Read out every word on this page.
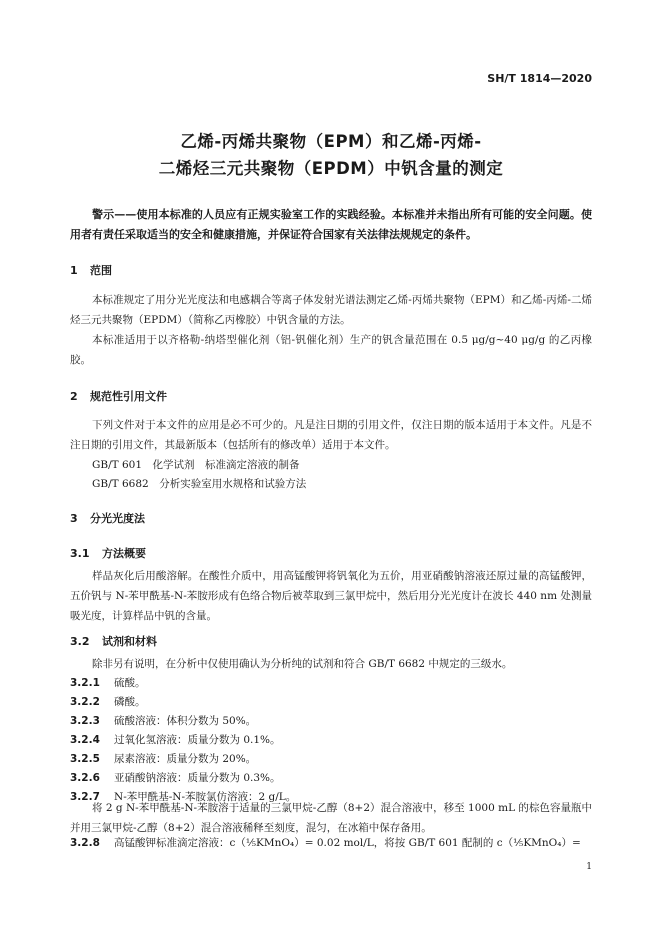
SH/T 1814—2020
乙烯-丙烯共聚物（EPM）和乙烯-丙烯-
二烯烃三元共聚物（EPDM）中钒含量的测定
警示——使用本标准的人员应有正规实验室工作的实践经验。本标准并未指出所有可能的安全问题。使用者有责任采取适当的安全和健康措施，并保证符合国家有关法律法规规定的条件。
1 范围
本标准规定了用分光光度法和电感耦合等离子体发射光谱法测定乙烯-丙烯共聚物（EPM）和乙烯-丙烯-二烯烃三元共聚物（EPDM）（简称乙丙橡胶）中钒含量的方法。
本标准适用于以齐格勒-纳塔型催化剂（铝-钒催化剂）生产的钒含量范围在 0.5 μg/g~40 μg/g 的乙丙橡胶。
2 规范性引用文件
下列文件对于本文件的应用是必不可少的。凡是注日期的引用文件，仅注日期的版本适用于本文件。凡是不注日期的引用文件，其最新版本（包括所有的修改单）适用于本文件。
GB/T 601　化学试剂　标准滴定溶液的制备
GB/T 6682　分析实验室用水规格和试验方法
3 分光光度法
3.1 方法概要
样品灰化后用酸溶解。在酸性介质中，用高锰酸钾将钒氧化为五价，用亚硝酸钠溶液还原过量的高锰酸钾，五价钒与 N-苯甲酰基-N-苯胺形成有色络合物后被萃取到三氯甲烷中，然后用分光光度计在波长 440 nm 处测量吸光度，计算样品中钒的含量。
3.2 试剂和材料
除非另有说明，在分析中仅使用确认为分析纯的试剂和符合 GB/T 6682 中规定的三级水。
3.2.1 硫酸。
3.2.2 磷酸。
3.2.3 硫酸溶液：体积分数为 50%。
3.2.4 过氧化氢溶液：质量分数为 0.1%。
3.2.5 尿素溶液：质量分数为 20%。
3.2.6 亚硝酸钠溶液：质量分数为 0.3%。
3.2.7 N-苯甲酰基-N-苯胺氯仿溶液：2 g/L。
将 2 g N-苯甲酰基-N-苯胺溶于适量的三氯甲烷-乙醇（8+2）混合溶液中，移至 1000 mL 的棕色容量瓶中并用三氯甲烷-乙醇（8+2）混合溶液稀释至刻度，混匀，在冰箱中保存备用。
3.2.8 高锰酸钾标准滴定溶液：c（⅕KMnO₄）= 0.02 mol/L，将按 GB/T 601 配制的 c（⅕KMnO₄）=
1
